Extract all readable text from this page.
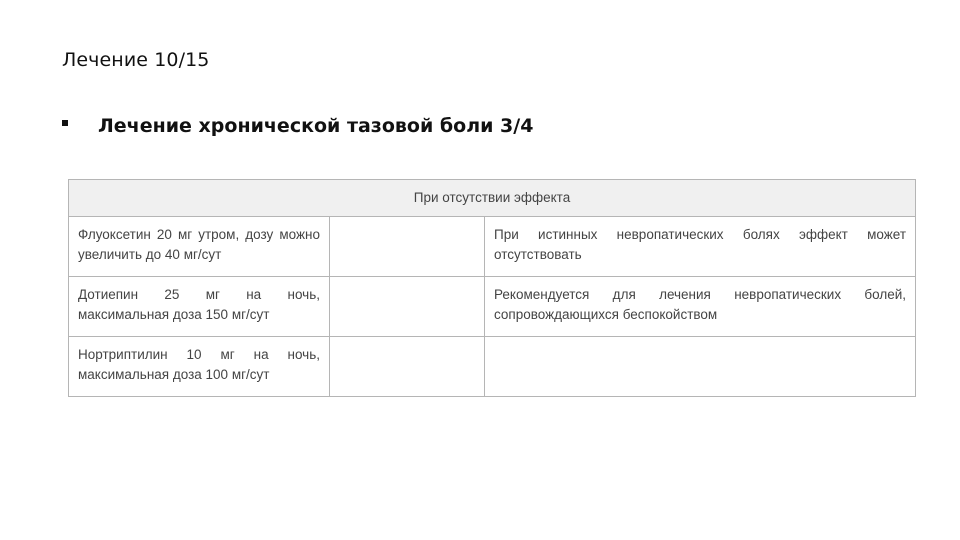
Лечение 10/15
Лечение хронической тазовой боли 3/4
При отсутствии эффекта		
Флуоксетин 20 мг утром, дозу можно увеличить до 40 мг/сут		При истинных невропатических болях эффект может отсутствовать
Дотиепин 25 мг на ночь, максимальная доза 150 мг/сут		Рекомендуется для лечения невропатических болей, сопровождающихся беспокойством
Нортриптилин 10 мг на ночь, максимальная доза 100 мг/сут		
